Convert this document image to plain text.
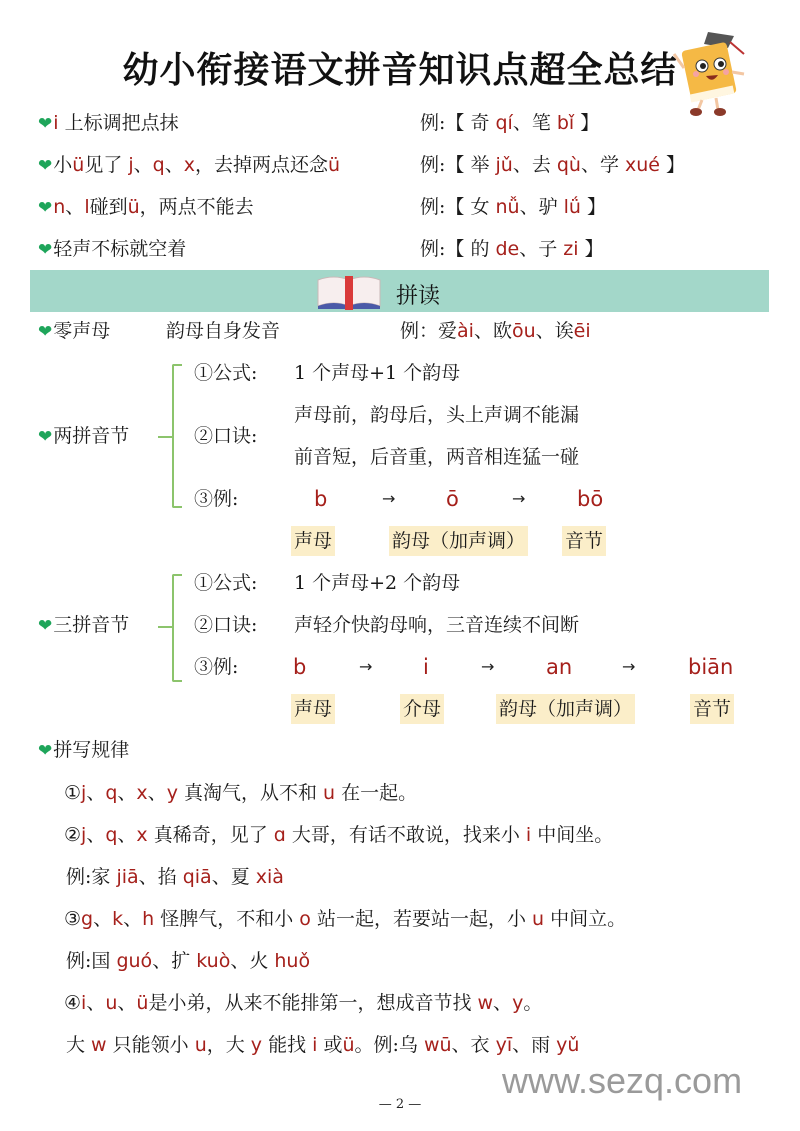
幼小衔接语文拼音知识点超全总结
❤i 上标调把点抹	例:【 奇 qí、笔 bǐ 】
❤小ü见了 j、q、x，去掉两点还念ü	例:【 举 jǔ、去 qù、学 xué 】
❤n、l碰到ü，两点不能去	例:【 女 nǚ、驴 lǘ 】
❤轻声不标就空着	例:【 的 de、子 zi 】
拼读
❤零声母	韵母自身发音	例：爱ài、欧ōu、诶ēi
❤两拼音节
①公式: 1 个声母+1 个韵母
②口诀:
声母前，韵母后，头上声调不能漏
前音短，后音重，两音相连猛一碰
③例:	b	→ ō	→ bō
声母	韵母（加声调） 音节
❤三拼音节
①公式: 1 个声母+2 个韵母
②口诀: 声轻介快韵母响，三音连续不间断
③例:	b	→ i	→ an	→	biān
声母	介母	韵母（加声调）	音节
❤拼写规律
①j、q、x、y 真淘气，从不和 u 在一起。
②j、q、x 真稀奇，见了 ɑ 大哥，有话不敢说，找来小 i 中间坐。
例:家 jiā、掐 qiā、夏 xià
③g、k、h 怪脾气，不和小 o 站一起，若要站一起，小 u 中间立。
例:国 guó、扩 kuò、火 huǒ
④i、u、ü是小弟，从来不能排第一，想成音节找 w、y。
大 w 只能领小 u，大 y 能找 i 或ü。例:乌 wū、衣 yī、雨 yǔ
www.sezq.com
— 2 —
